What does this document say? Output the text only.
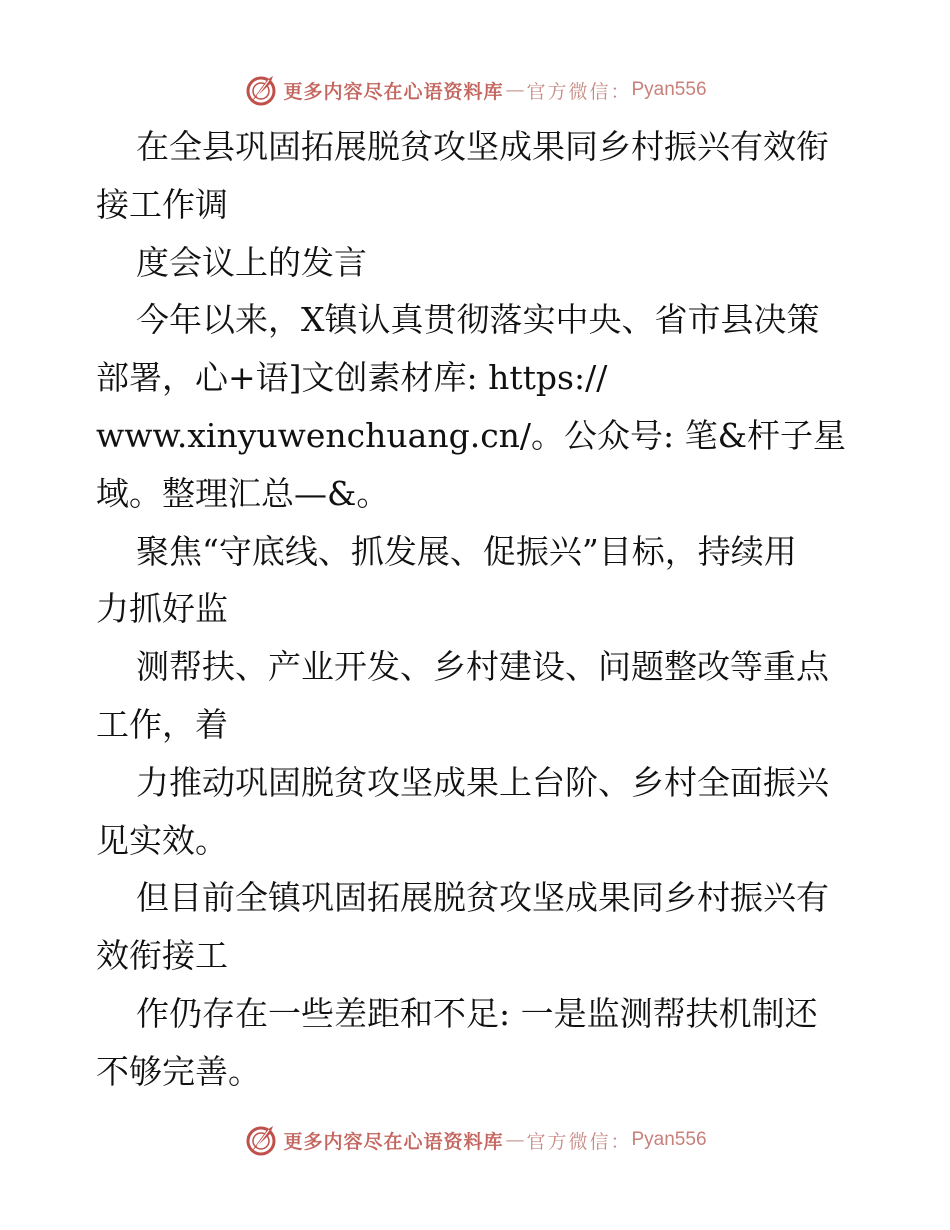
更多内容尽在心语资料库 — 官方微信： Pyan556
在全县巩固拓展脱贫攻坚成果同乡村振兴有效衔
接工作调
度会议上的发言
今年以来，X镇认真贯彻落实中央、省市县决策
部署，心+语]文创素材库: https://
www.xinyuwenchuang.cn/。公众号: 笔&杆子星
域。整理汇总—&。
聚焦“守底线、抓发展、促振兴”目标，持续用
力抓好监
测帮扶、产业开发、乡村建设、问题整改等重点
工作，着
力推动巩固脱贫攻坚成果上台阶、乡村全面振兴
见实效。
但目前全镇巩固拓展脱贫攻坚成果同乡村振兴有
效衔接工
作仍存在一些差距和不足: 一是监测帮扶机制还
不够完善。
更多内容尽在心语资料库 — 官方微信： Pyan556
